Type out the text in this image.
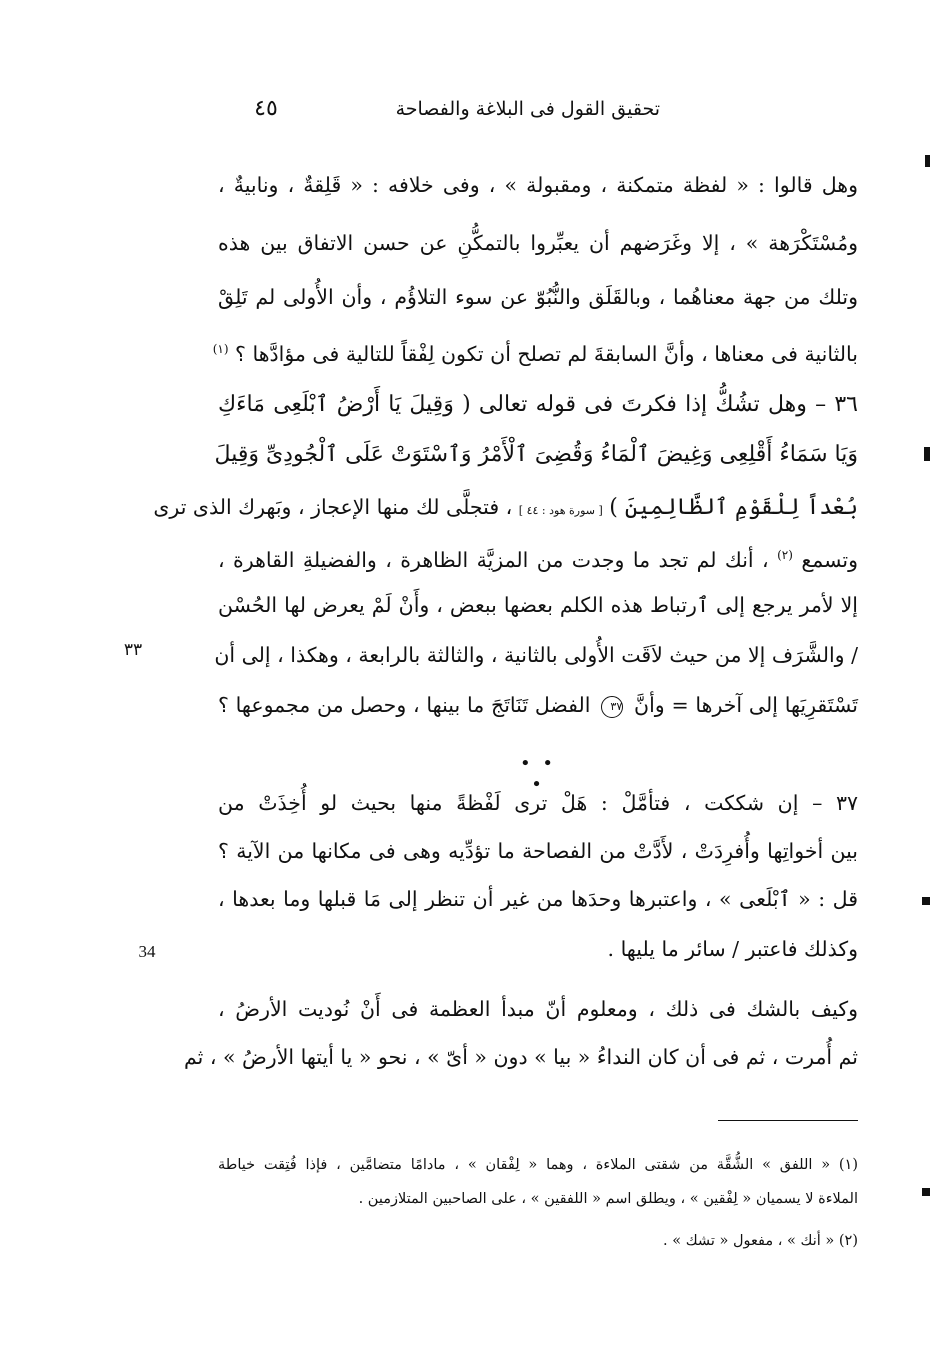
تحقيق القول فى البلاغة والفصاحة
٤٥
وهل قالوا : « لفظة متمكنة ، ومقبولة » ، وفى خلافه : « قَلِقةٌ ، ونابيةٌ ،
ومُسْتَكْرَهة » ، إلا وغَرَضهم أن يعبِّروا بالتمكُّنِ عن حسن الاتفاق بين هذه
وتلك من جهة معناهُما ، وبالقَلَق والنُّبُوّ عن سوء التلاؤُم ، وأن الأُولى لم تَلِقْ
بالثانية فى معناها ، وأنَّ السابقةَ لم تصلح أن تكون لِفْقاً للتالية فى مؤادَّها ؟ $^{(١)}$
٣٦ – وهل تشُكُّ إذا فكرتَ فى قوله تعالى ( وَقِيلَ يَا أَرْضُ ٱبْلَعِى مَاءَكِ
وَيَا سَمَاءُ أَقْلِعِى وَغِيضَ ٱلْمَاءُ وَقُضِىَ ٱلْأَمْرُ وَٱسْتَوَتْ عَلَى ٱلْجُودِىِّ وَقِيلَ
بُعْداً لِلْقَوْمِ ٱلظَّالِمِينَ ) [ سورة هود : ٤٤ ] ، فتجلَّى لك منها الإعجاز ، وبَهرك الذى ترى
وتسمع $^{(٢)}$ ، أنك لم تجد ما وجدت من المزيَّة الظاهرة ، والفضيلةِ القاهرة ،
إلا لأمر يرجع إلى ٱرتباط هذه الكلم بعضها ببعض ، وأَنْ لَمْ يعرض لها الحُسْن
/ والشَّرَف إلا من حيث لاَقَت الأُولى بالثانية ، والثالثة بالرابعة ، وهكذا ، إلى أن
تَسْتَقرِيَها إلى آخرها = وأنَّ ٣٧ الفضل تَنَاتَجَ ما بينها ، وحصل من مجموعها ؟
• • •
٣٧ – إن شككت ، فتأمَّلْ : هَلْ ترى لَفْظةً منها بحيث لو أُخِذَتْ من
بين أخواتِها وأُفرِدَتْ ، لأَدَّتْ من الفصاحة ما تؤدِّيه وهى فى مكانها من الآية ؟
قل : « ٱبْلَعى » ، واعتبرها وحدَها من غير أن تنظر إلى مَا قبلها وما بعدها ،
وكذلك فاعتبر / سائر ما يليها .
وكيف بالشك فى ذلك ، ومعلوم أنّ مبدأ العظمة فى أَنْ نُوديت الأرضُ ،
ثم أُمرت ، ثم فى أن كان النداءُ « بيا » دون « أىّ » ، نحو « يا أيتها الأرضُ » ، ثم
٣٣
34
(١) « اللفق » الشُّقَّة من شقتى الملاءة ، وهما « لِفْقان » ، مادامًا متضامَّين ، فإذا فُتِقت خياطة
الملاءة لا يسميان « لِفْقين » ، ويطلق اسم « اللفقين » ، على الصاحبين المتلازمين .
(٢) « أنك » ، مفعول « تشك » .
